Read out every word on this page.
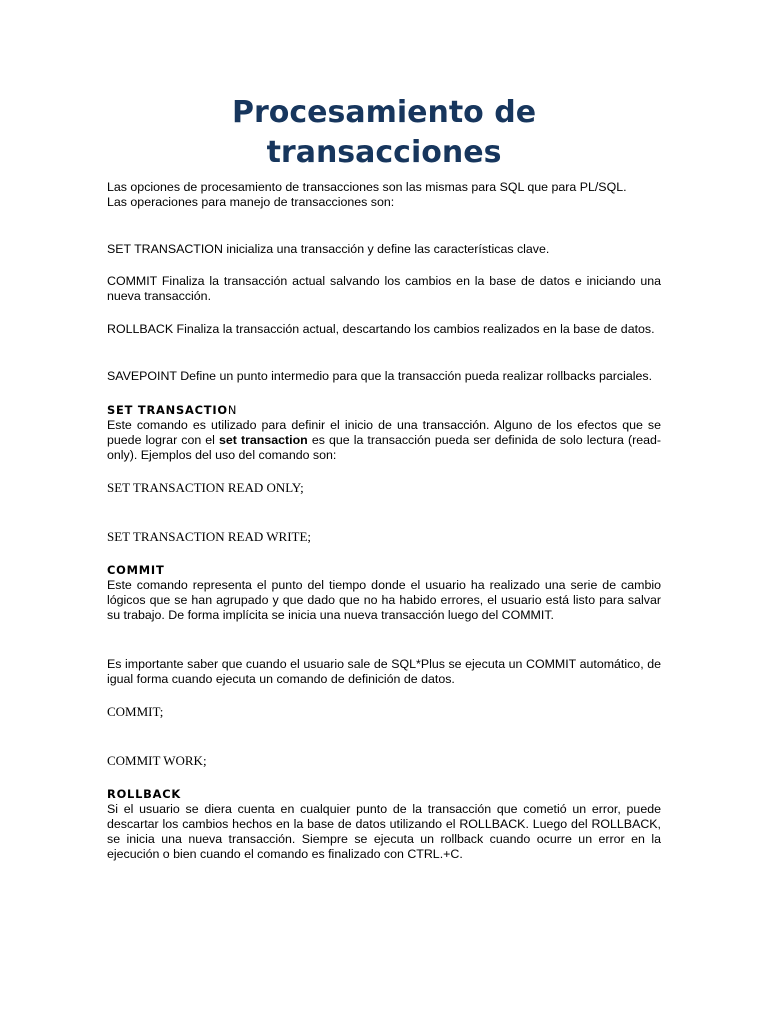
Procesamiento de
transacciones
Las opciones de procesamiento de transacciones son las mismas para SQL que para PL/SQL.
Las operaciones para manejo de transacciones son:
SET TRANSACTION inicializa una transacción y define las características clave.
COMMIT Finaliza la transacción actual salvando los cambios en la base de datos e iniciando una nueva transacción.
ROLLBACK Finaliza la transacción actual, descartando los cambios realizados en la base de datos.
SAVEPOINT Define un punto intermedio para que la transacción pueda realizar rollbacks parciales.
SET TRANSACTION
Este comando es utilizado para definir el inicio de una transacción. Alguno de los efectos que se puede lograr con el set transaction es que la transacción pueda ser definida de solo lectura (read-only). Ejemplos del uso del comando son:
SET TRANSACTION READ ONLY;
SET TRANSACTION READ WRITE;
COMMIT
Este comando representa el punto del tiempo donde el usuario ha realizado una serie de cambio lógicos que se han agrupado y que dado que no ha habido errores, el usuario está listo para salvar su trabajo. De forma implícita se inicia una nueva transacción luego del COMMIT.
Es importante saber que cuando el usuario sale de SQL*Plus se ejecuta un COMMIT automático, de igual forma cuando ejecuta un comando de definición de datos.
COMMIT;
COMMIT WORK;
ROLLBACK
Si el usuario se diera cuenta en cualquier punto de la transacción que cometió un error, puede descartar los cambios hechos en la base de datos utilizando el ROLLBACK. Luego del ROLLBACK, se inicia una nueva transacción. Siempre se ejecuta un rollback cuando ocurre un error en la ejecución o bien cuando el comando es finalizado con CTRL.+C.
